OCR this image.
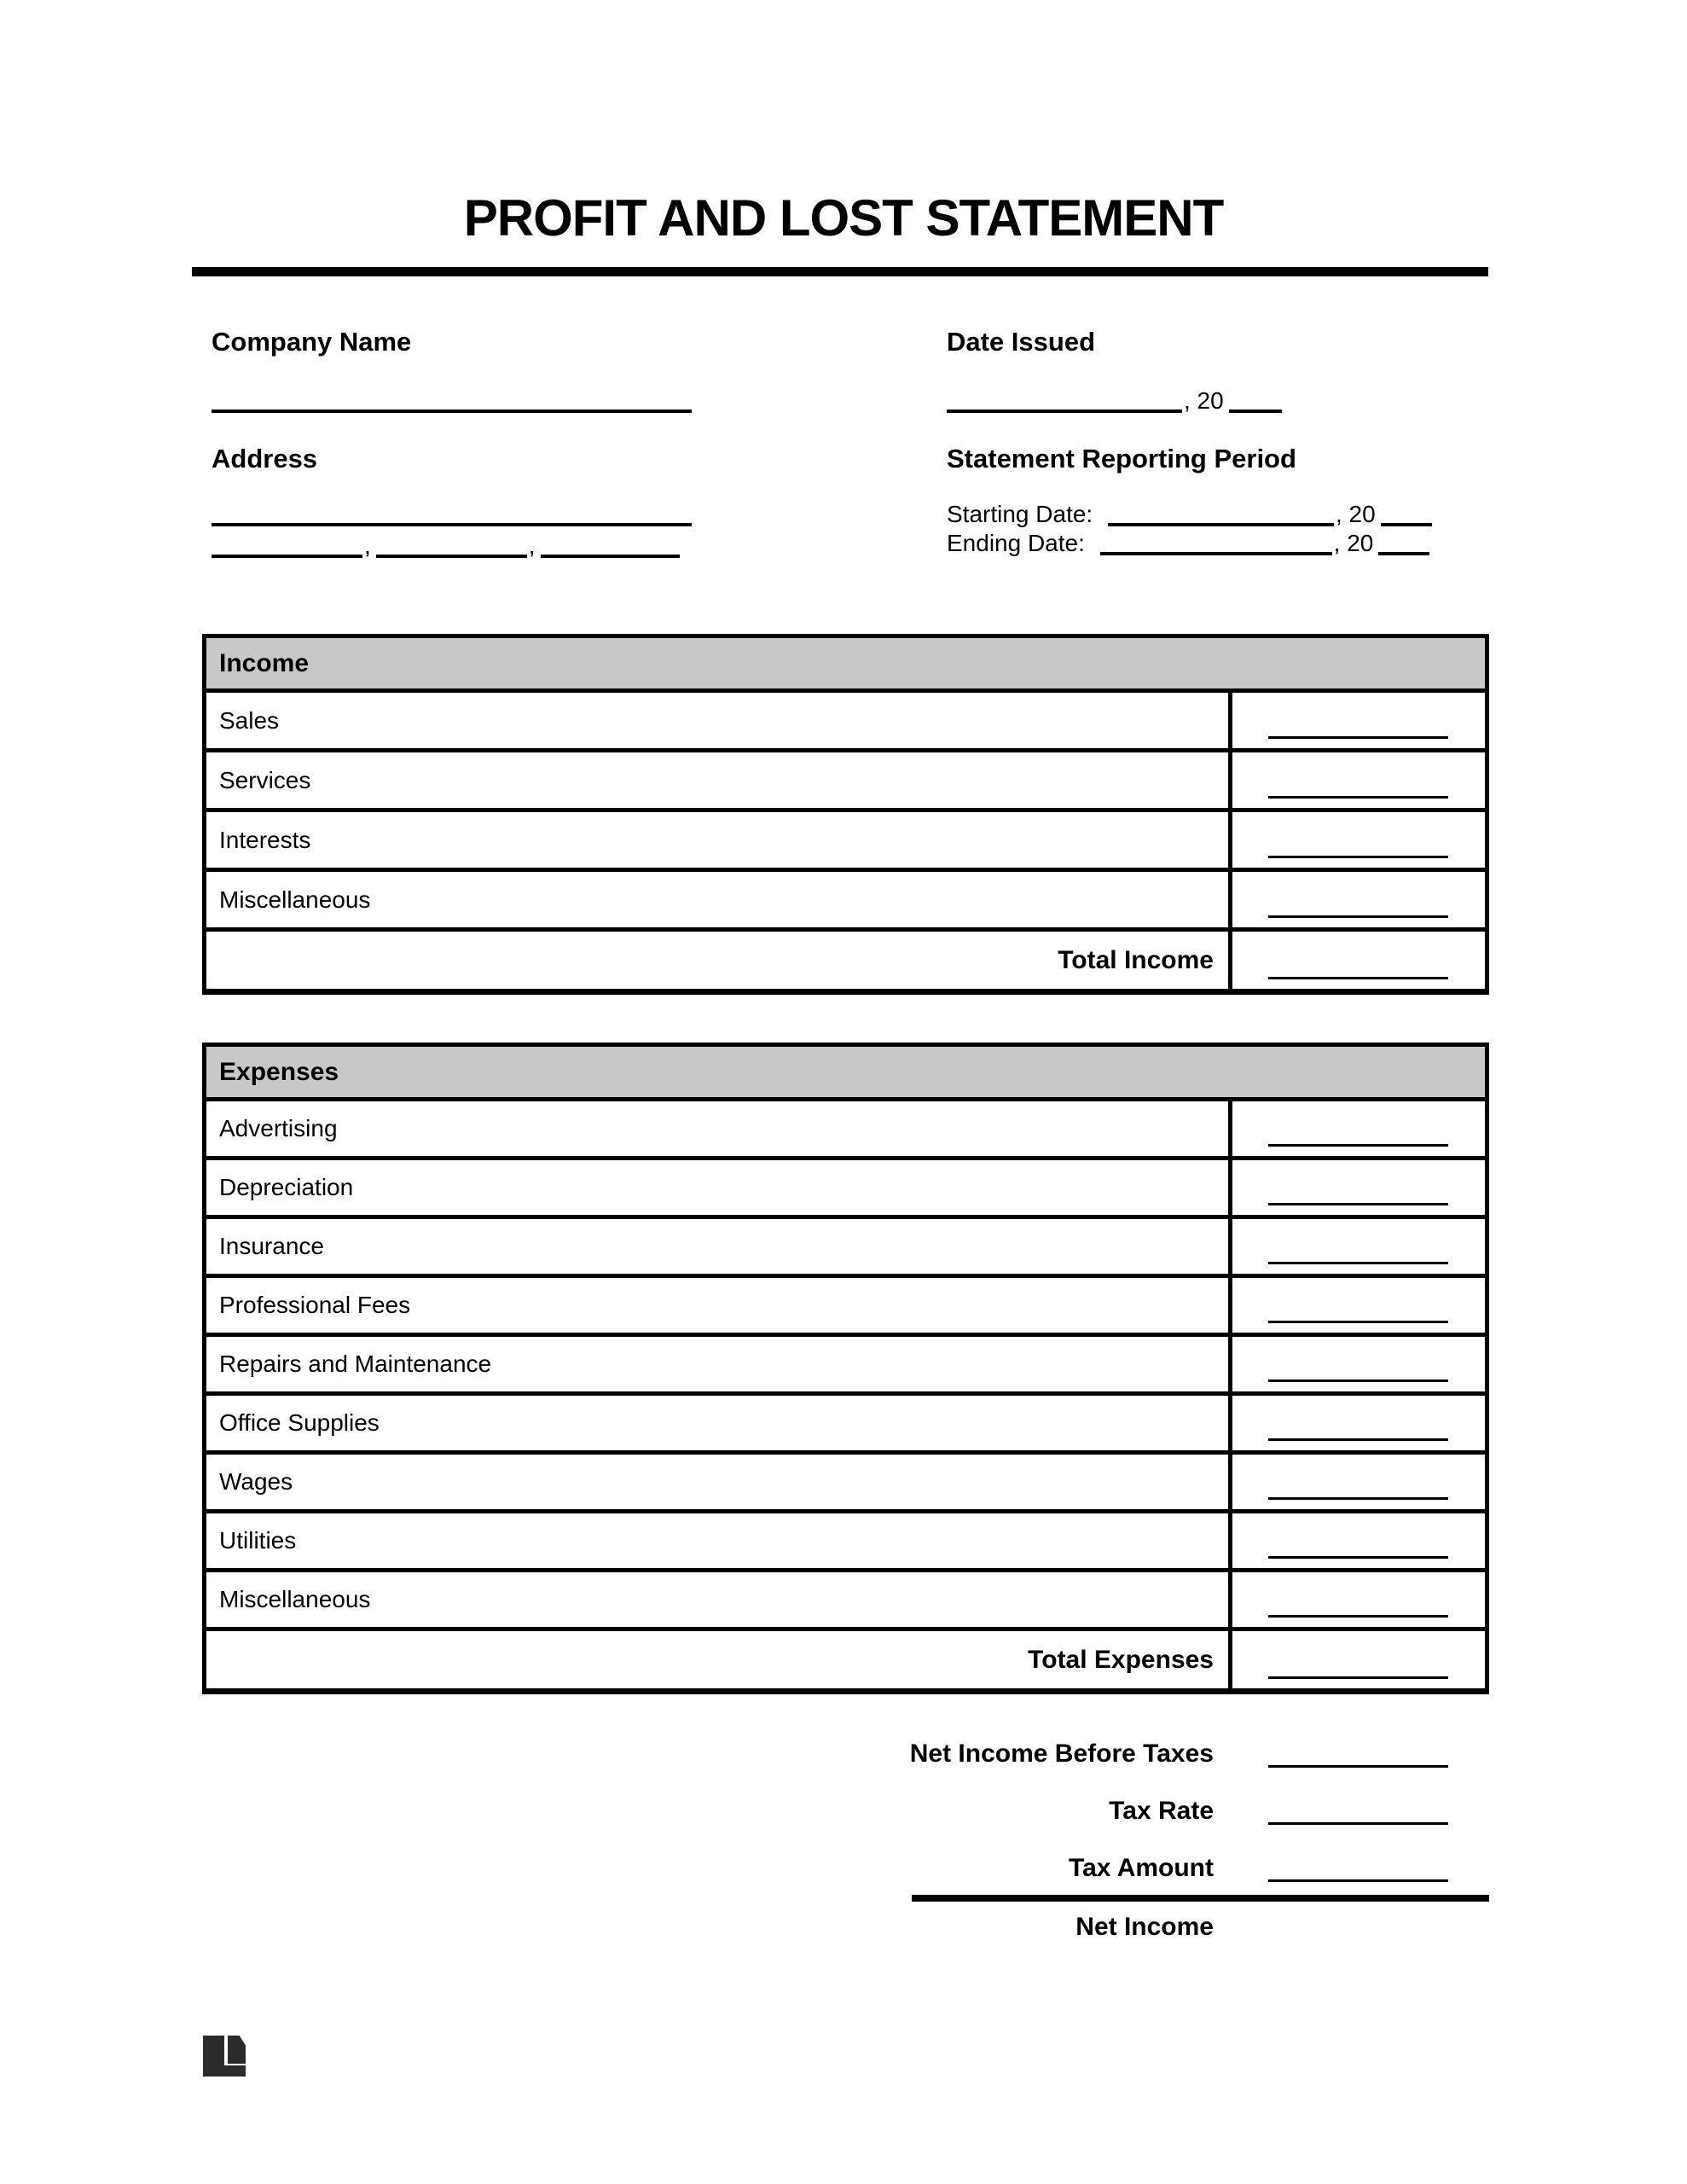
PROFIT AND LOST STATEMENT
Company Name
Address
,	,
Date Issued
, 20
Statement Reporting Period
Starting Date:	, 20
Ending Date:	, 20
Income
Sales
Services
Interests
Miscellaneous
Total Income
Expenses
Advertising
Depreciation
Insurance
Professional Fees
Repairs and Maintenance
Office Supplies
Wages
Utilities
Miscellaneous
Total Expenses
Net Income Before Taxes
Tax Rate
Tax Amount
Net Income
